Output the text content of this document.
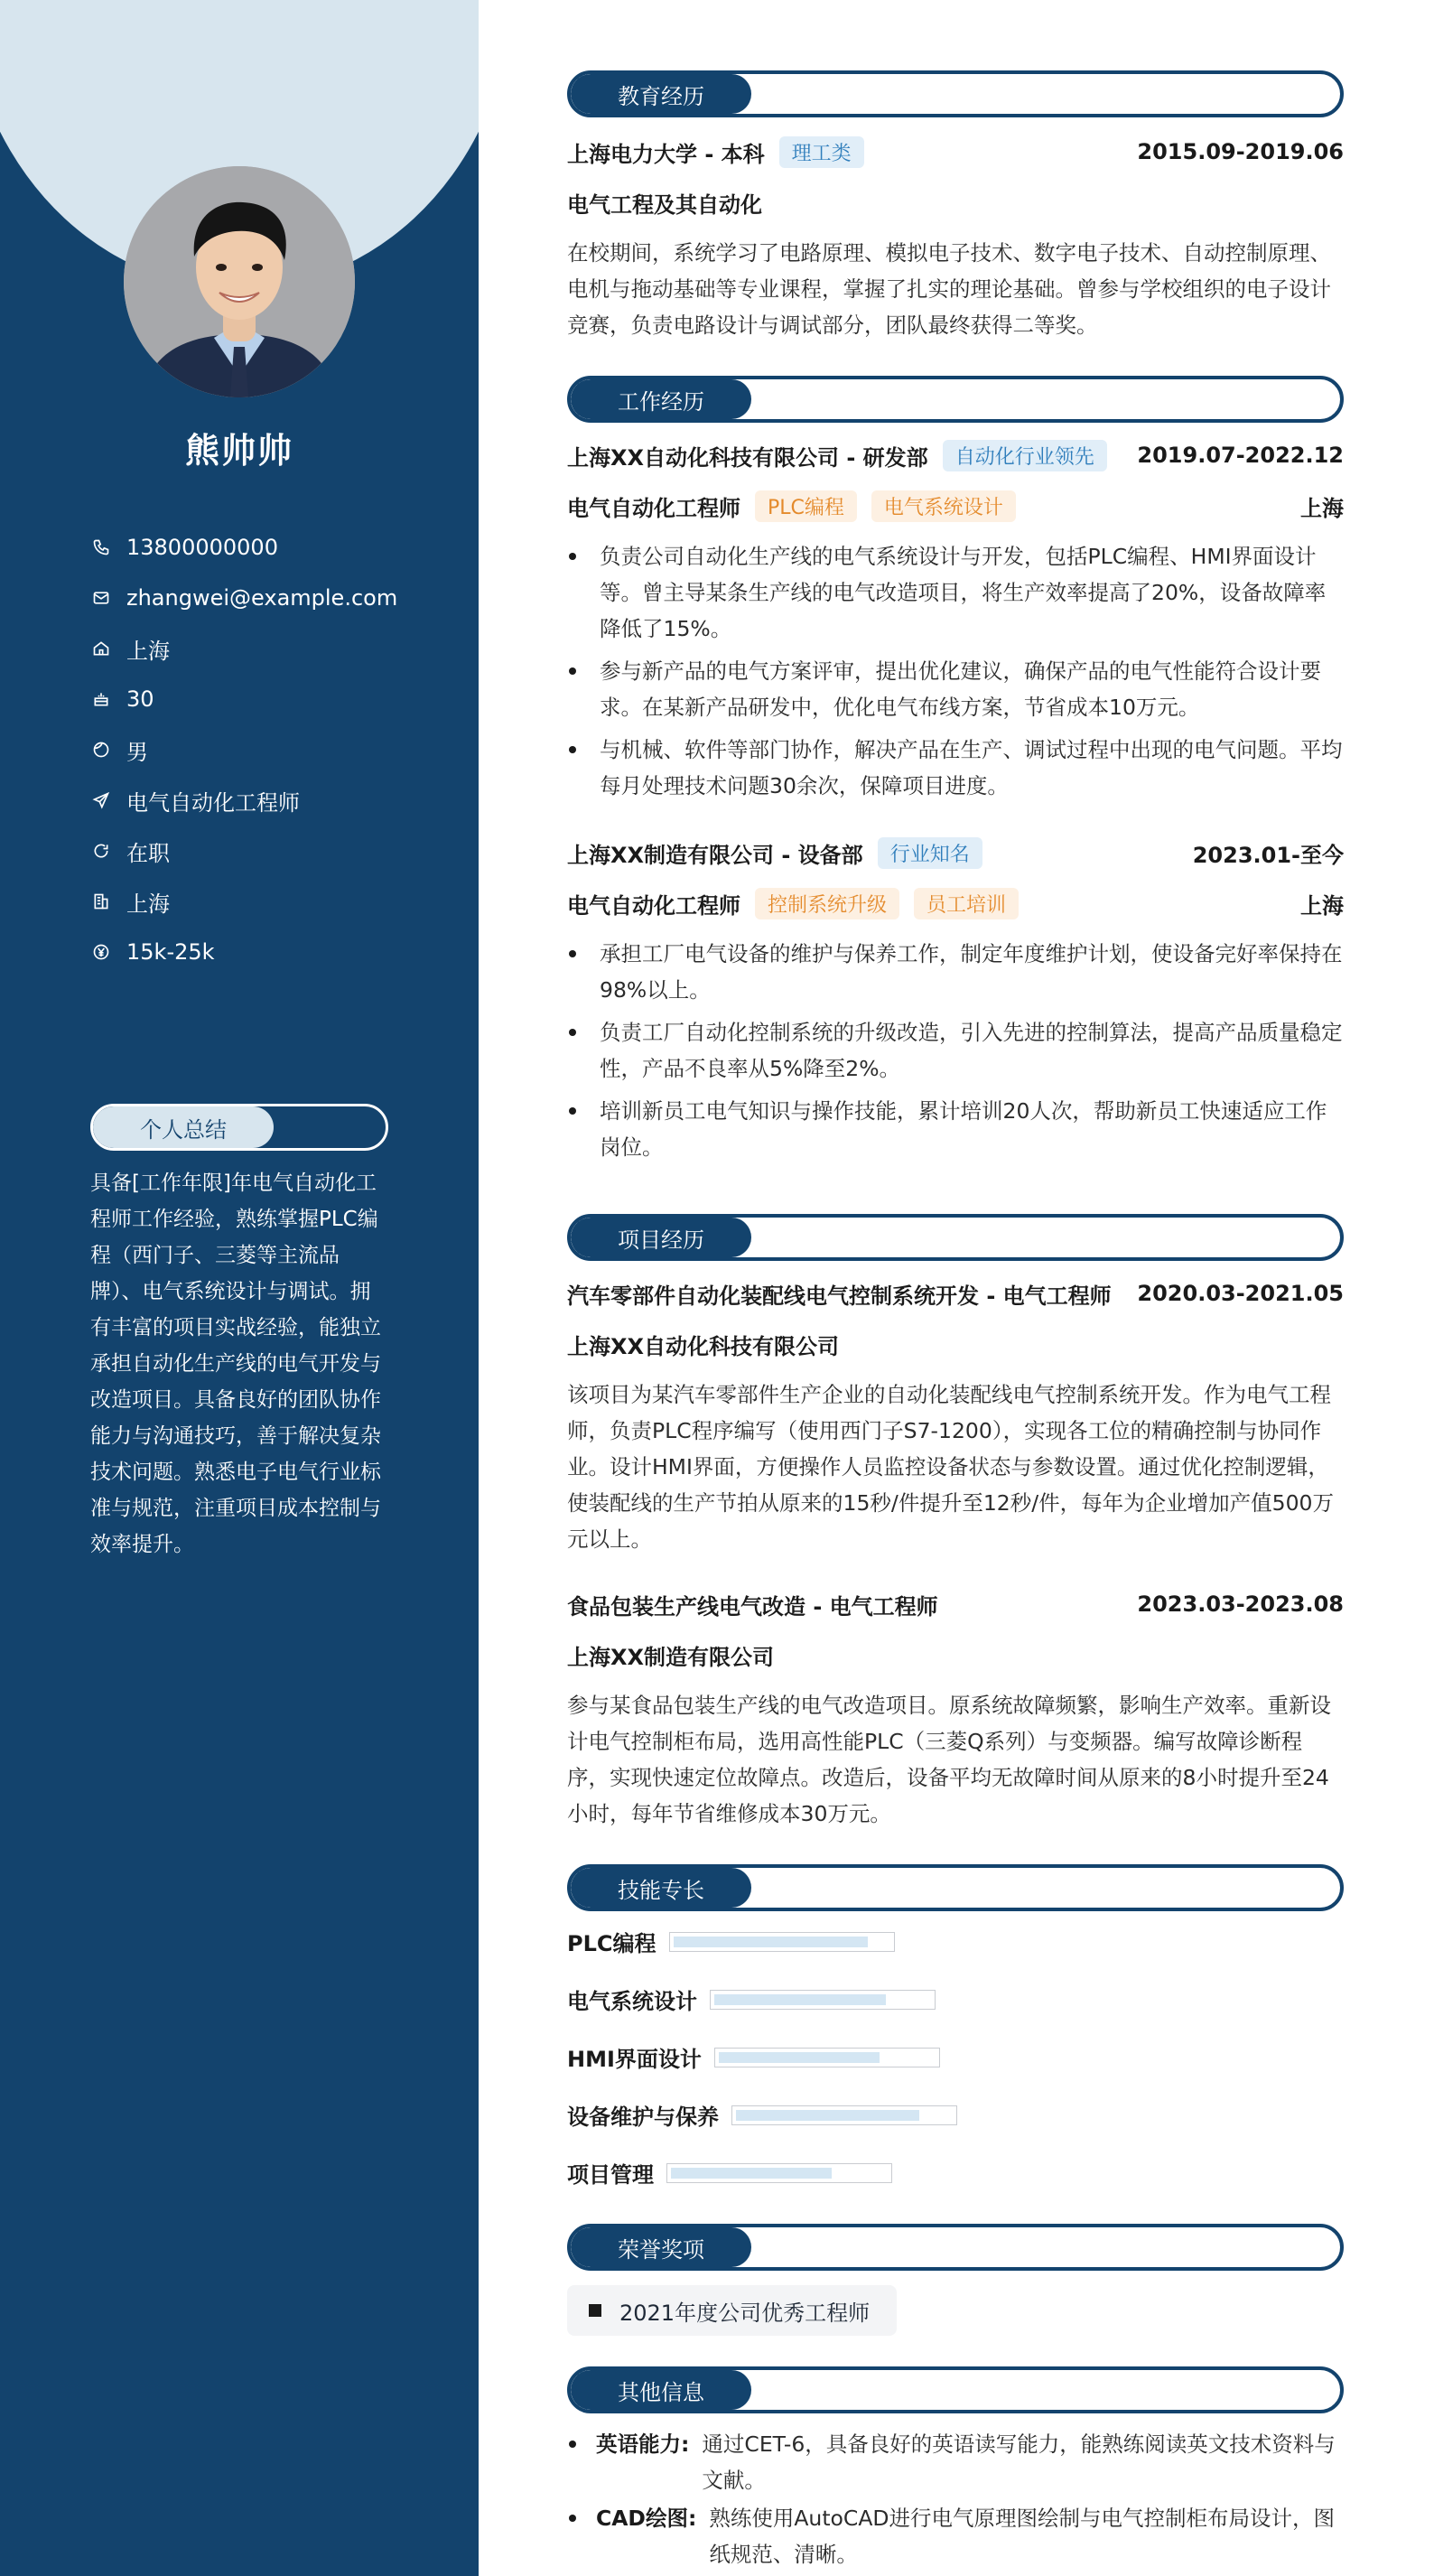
熊帅帅
13800000000
zhangwei@example.com
上海
30
男
电气自动化工程师
在职
上海
15k-25k
个人总结

具备[工作年限]年电气自动化工程师工作经验，熟练掌握PLC编程（西门子、三菱等主流品牌）、电气系统设计与调试。拥有丰富的项目实战经验，能独立承担自动化生产线的电气开发与改造项目。具备良好的团队协作能力与沟通技巧，善于解决复杂技术问题。熟悉电子电气行业标准与规范，注重项目成本控制与效率提升。

教育经历
上海电力大学 - 本科	理工类	2015.09-2019.06
电气工程及其自动化

在校期间，系统学习了电路原理、模拟电子技术、数字电子技术、自动控制原理、电机与拖动基础等专业课程，掌握了扎实的理论基础。曾参与学校组织的电子设计竞赛，负责电路设计与调试部分，团队最终获得二等奖。

工作经历
上海XX自动化科技有限公司 - 研发部	自动化行业领先	2019.07-2022.12
电气自动化工程师	PLC编程	电气系统设计	上海
负责公司自动化生产线的电气系统设计与开发，包括PLC编程、HMI界面设计等。曾主导某条生产线的电气改造项目，将生产效率提高了20%，设备故障率降低了15%。
参与新产品的电气方案评审，提出优化建议，确保产品的电气性能符合设计要求。在某新产品研发中，优化电气布线方案，节省成本10万元。
与机械、软件等部门协作，解决产品在生产、调试过程中出现的电气问题。平均每月处理技术问题30余次，保障项目进度。
上海XX制造有限公司 - 设备部	行业知名	2023.01-至今
电气自动化工程师	控制系统升级	员工培训	上海
承担工厂电气设备的维护与保养工作，制定年度维护计划，使设备完好率保持在98%以上。
负责工厂自动化控制系统的升级改造，引入先进的控制算法，提高产品质量稳定性，产品不良率从5%降至2%。
培训新员工电气知识与操作技能，累计培训20人次，帮助新员工快速适应工作岗位。
项目经历
汽车零部件自动化装配线电气控制系统开发 - 电气工程师 2020.03-2021.05
上海XX自动化科技有限公司

该项目为某汽车零部件生产企业的自动化装配线电气控制系统开发。作为电气工程师，负责PLC程序编写（使用西门子S7-1200），实现各工位的精确控制与协同作业。设计HMI界面，方便操作人员监控设备状态与参数设置。通过优化控制逻辑，使装配线的生产节拍从原来的15秒/件提升至12秒/件，每年为企业增加产值500万元以上。

食品包装生产线电气改造 - 电气工程师	2023.03-2023.08
上海XX制造有限公司

参与某食品包装生产线的电气改造项目。原系统故障频繁，影响生产效率。重新设计电气控制柜布局，选用高性能PLC（三菱Q系列）与变频器。编写故障诊断程序，实现快速定位故障点。改造后，设备平均无故障时间从原来的8小时提升至24小时，每年节省维修成本30万元。

技能专长
PLC编程
电气系统设计
HMI界面设计
设备维护与保养
项目管理
荣誉奖项
2021年度公司优秀工程师
其他信息
英语能力: 通过CET-6，具备良好的英语读写能力，能熟练阅读英文技术资料与文献。
CAD绘图: 熟练使用AutoCAD进行电气原理图绘制与电气控制柜布局设计，图纸规范、清晰。
